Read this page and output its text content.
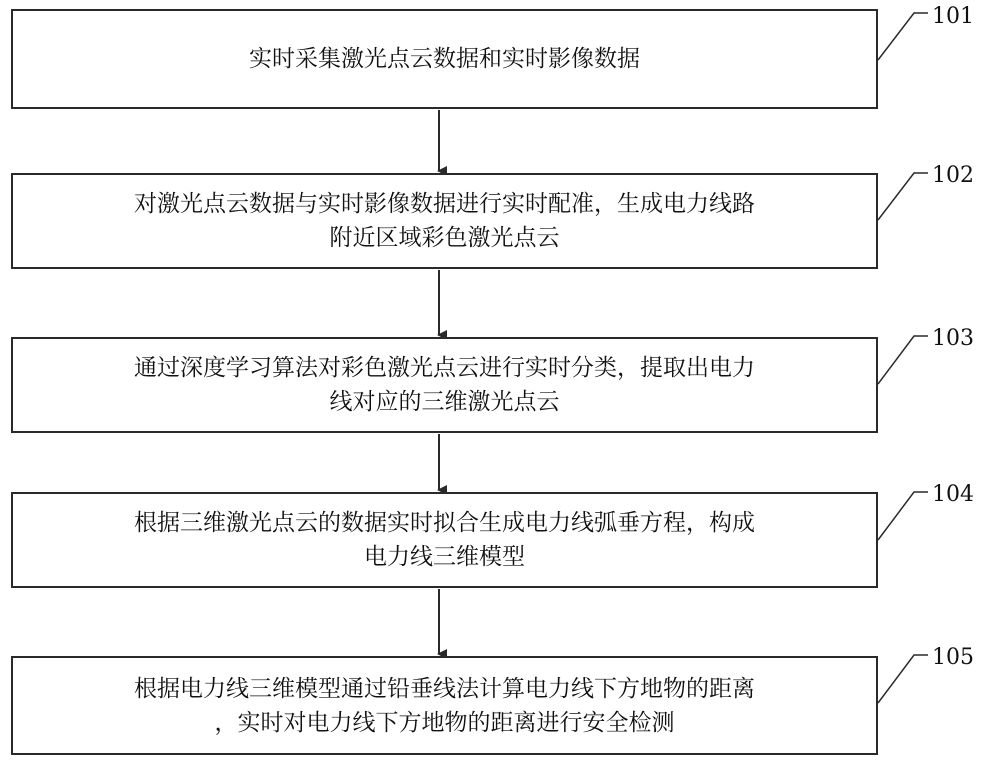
实时采集激光点云数据和实时影像数据
对激光点云数据与实时影像数据进行实时配准，生成电力线路
附近区域彩色激光点云
通过深度学习算法对彩色激光点云进行实时分类，提取出电力
线对应的三维激光点云
根据三维激光点云的数据实时拟合生成电力线弧垂方程，构成
电力线三维模型
根据电力线三维模型通过铅垂线法计算电力线下方地物的距离
，实时对电力线下方地物的距离进行安全检测
101
102
103
104
105
